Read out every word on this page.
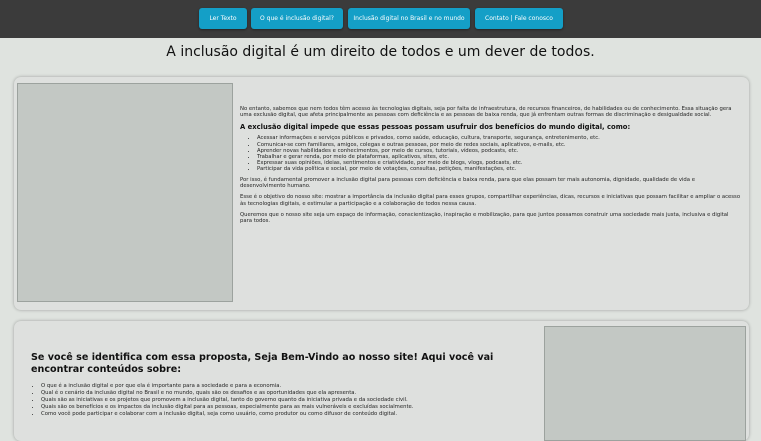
Ler Texto	O que é inclusão digital?	Inclusão digital no Brasil e no mundo	Contato | Fale conosco
A inclusão digital é um direito de todos e um dever de todos.

No entanto, sabemos que nem todos têm acesso às tecnologias digitais, seja por falta de infraestrutura, de recursos financeiros, de habilidades ou de conhecimento. Essa situação gera uma exclusão digital, que afeta principalmente as pessoas com deficiência e as pessoas de baixa renda, que já enfrentam outras formas de discriminação e desigualdade social.

A exclusão digital impede que essas pessoas possam usufruir dos benefícios do mundo digital, como:
• Acessar informações e serviços públicos e privados, como saúde, educação, cultura, transporte, segurança, entretenimento, etc.
• Comunicar-se com familiares, amigos, colegas e outras pessoas, por meio de redes sociais, aplicativos, e-mails, etc.
• Aprender novas habilidades e conhecimentos, por meio de cursos, tutoriais, vídeos, podcasts, etc.
• Trabalhar e gerar renda, por meio de plataformas, aplicativos, sites, etc.
• Expressar suas opiniões, ideias, sentimentos e criatividade, por meio de blogs, vlogs, podcasts, etc.
• Participar da vida política e social, por meio de votações, consultas, petições, manifestações, etc.

Por isso, é fundamental promover a inclusão digital para pessoas com deficiência e baixa renda, para que elas possam ter mais autonomia, dignidade, qualidade de vida e desenvolvimento humano.

Esse é o objetivo do nosso site: mostrar a importância da inclusão digital para esses grupos, compartilhar experiências, dicas, recursos e iniciativas que possam facilitar e ampliar o acesso às tecnologias digitais, e estimular a participação e a colaboração de todos nessa causa.

Queremos que o nosso site seja um espaço de informação, conscientização, inspiração e mobilização, para que juntos possamos construir uma sociedade mais justa, inclusiva e digital para todos.

Se você se identifica com essa proposta, Seja Bem-Vindo ao nosso site! Aqui você vai encontrar conteúdos sobre:
• O que é a inclusão digital e por que ela é importante para a sociedade e para a economia.
• Qual é o cenário da inclusão digital no Brasil e no mundo, quais são os desafios e as oportunidades que ela apresenta.
• Quais são as iniciativas e os projetos que promovem a inclusão digital, tanto do governo quanto da iniciativa privada e da sociedade civil.
• Quais são os benefícios e os impactos da inclusão digital para as pessoas, especialmente para as mais vulneráveis e excluídas socialmente.
• Como você pode participar e colaborar com a inclusão digital, seja como usuário, como produtor ou como difusor de conteúdo digital.
